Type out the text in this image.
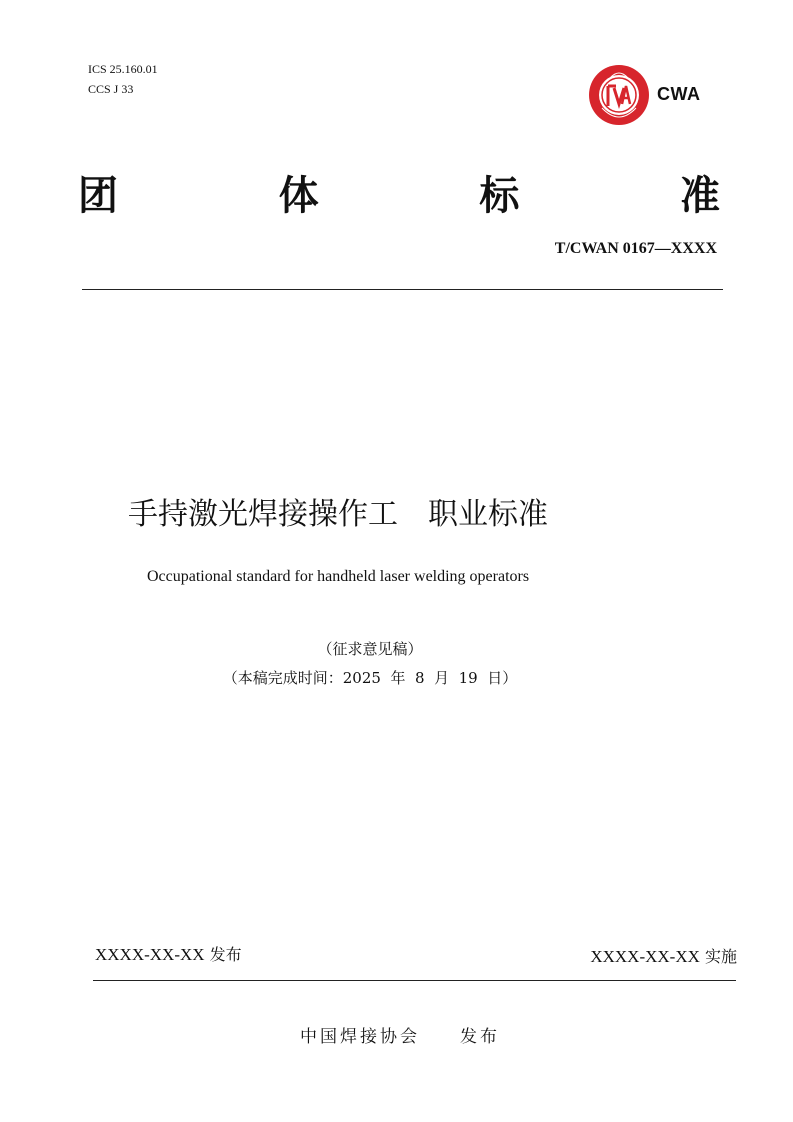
ICS 25.160.01
CCS J 33	CWA
团	体	标	准
T/CWAN 0167—XXXX
手持激光焊接操作工　职业标准
Occupational standard for handheld laser welding operators
（征求意见稿）
（本稿完成时间：2025  年  8  月  19  日）
XXXX-XX-XX 发布	XXXX-XX-XX 实施
中国焊接协会　　发布
